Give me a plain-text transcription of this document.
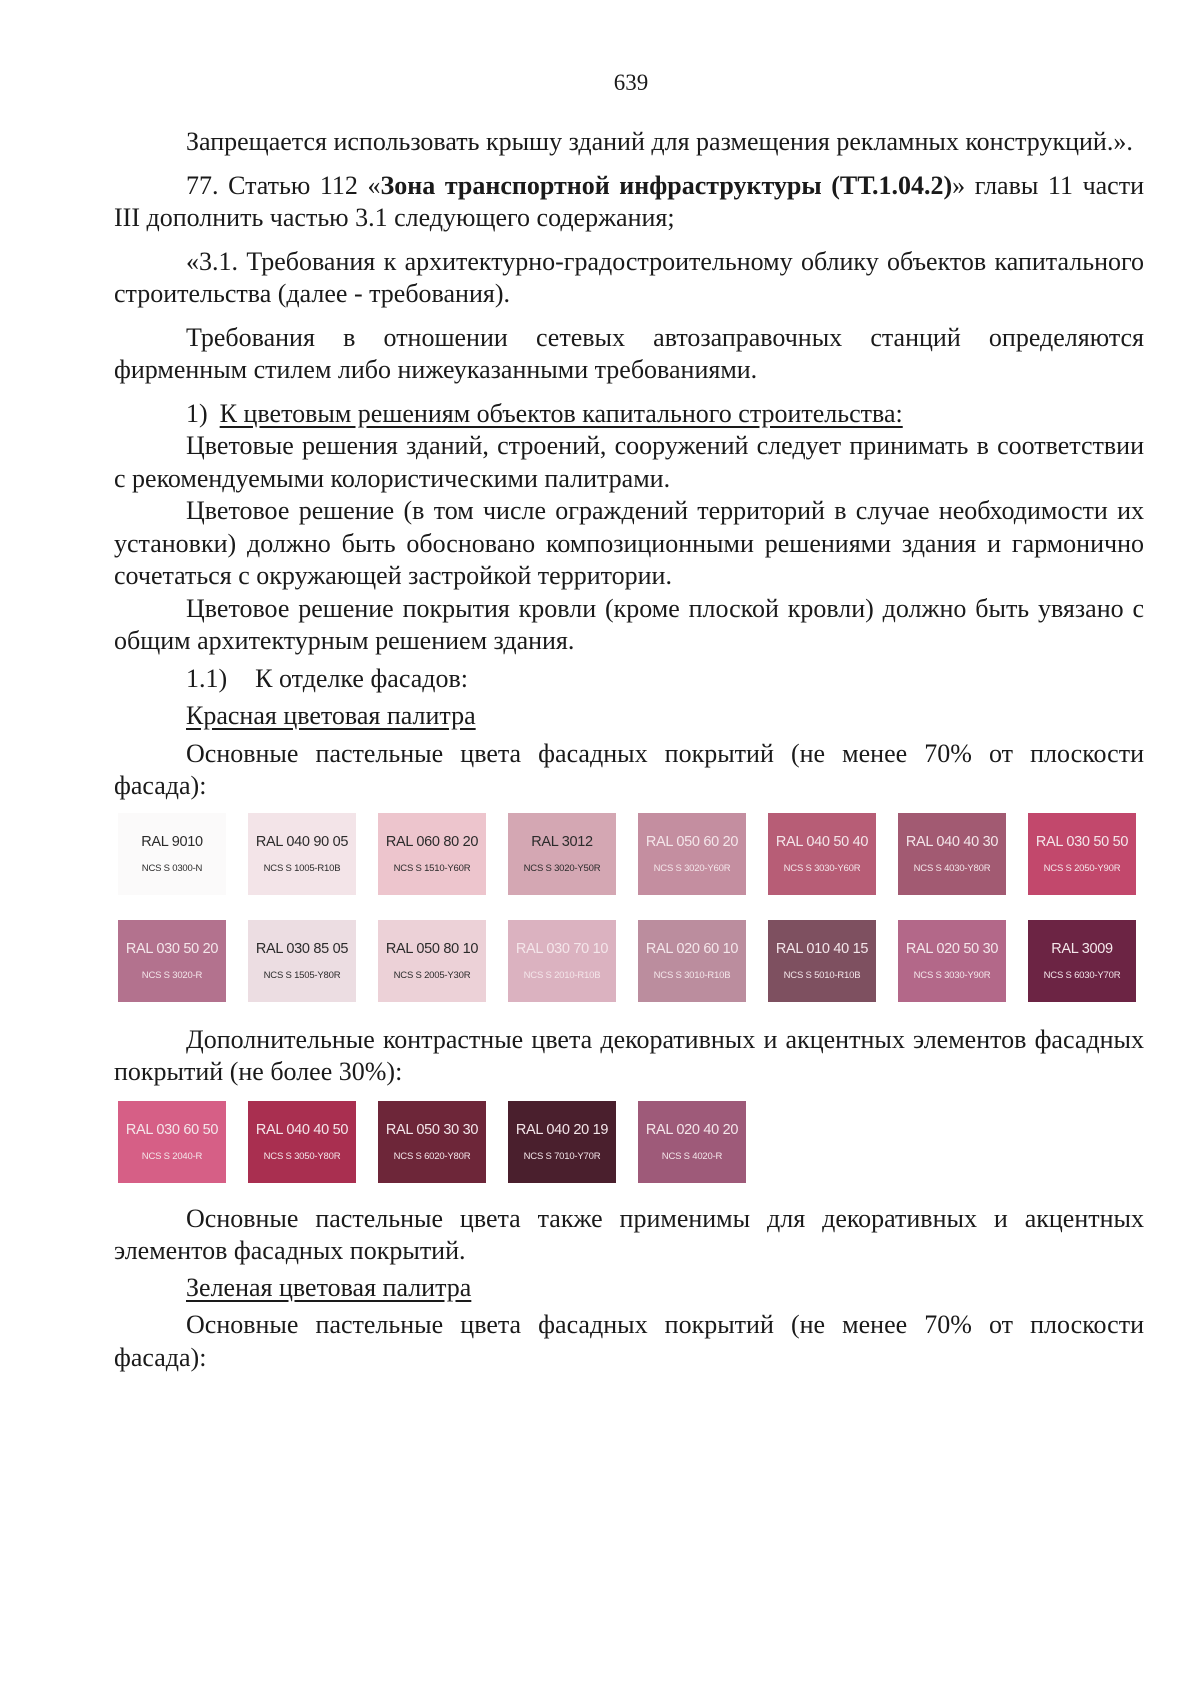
639

Запрещается использовать крышу зданий для размещения рекламных конструкций.».

77. Статью 112 «Зона транспортной инфраструктуры (ТТ.1.04.2)» главы 11 части III дополнить частью 3.1 следующего содержания;

«3.1. Требования к архитектурно-градостроительному облику объектов капитального строительства (далее - требования).

Требования в отношении сетевых автозаправочных станций определяются фирменным стилем либо нижеуказанными требованиями.

1) К цветовым решениям объектов капитального строительства:

Цветовые решения зданий, строений, сооружений следует принимать в соответствии с рекомендуемыми колористическими палитрами.

Цветовое решение (в том числе ограждений территорий в случае необходимости их установки) должно быть обосновано композиционными решениями здания и гармонично сочетаться с окружающей застройкой территории.

Цветовое решение покрытия кровли (кроме плоской кровли) должно быть увязано с общим архитектурным решением здания.

1.1) К отделке фасадов:
Красная цветовая палитра

Основные пастельные цвета фасадных покрытий (не менее 70% от плоскости фасада):

RAL 9010
NCS S 0300-N
RAL 040 90 05
NCS S 1005-R10B
RAL 060 80 20
NCS S 1510-Y60R
RAL 3012
NCS S 3020-Y50R
RAL 050 60 20
NCS S 3020-Y60R
RAL 040 50 40
NCS S 3030-Y60R
RAL 040 40 30
NCS S 4030-Y80R
RAL 030 50 50
NCS S 2050-Y90R
RAL 030 50 20
NCS S 3020-R
RAL 030 85 05
NCS S 1505-Y80R
RAL 050 80 10
NCS S 2005-Y30R
RAL 030 70 10
NCS S 2010-R10B
RAL 020 60 10
NCS S 3010-R10B
RAL 010 40 15
NCS S 5010-R10B
RAL 020 50 30
NCS S 3030-Y90R
RAL 3009
NCS S 6030-Y70R

Дополнительные контрастные цвета декоративных и акцентных элементов фасадных покрытий (не более 30%):

RAL 030 60 50
NCS S 2040-R
RAL 040 40 50
NCS S 3050-Y80R
RAL 050 30 30
NCS S 6020-Y80R
RAL 040 20 19
NCS S 7010-Y70R
RAL 020 40 20
NCS S 4020-R

Основные пастельные цвета также применимы для декоративных и акцентных элементов фасадных покрытий.

Зеленая цветовая палитра

Основные пастельные цвета фасадных покрытий (не менее 70% от плоскости фасада):
